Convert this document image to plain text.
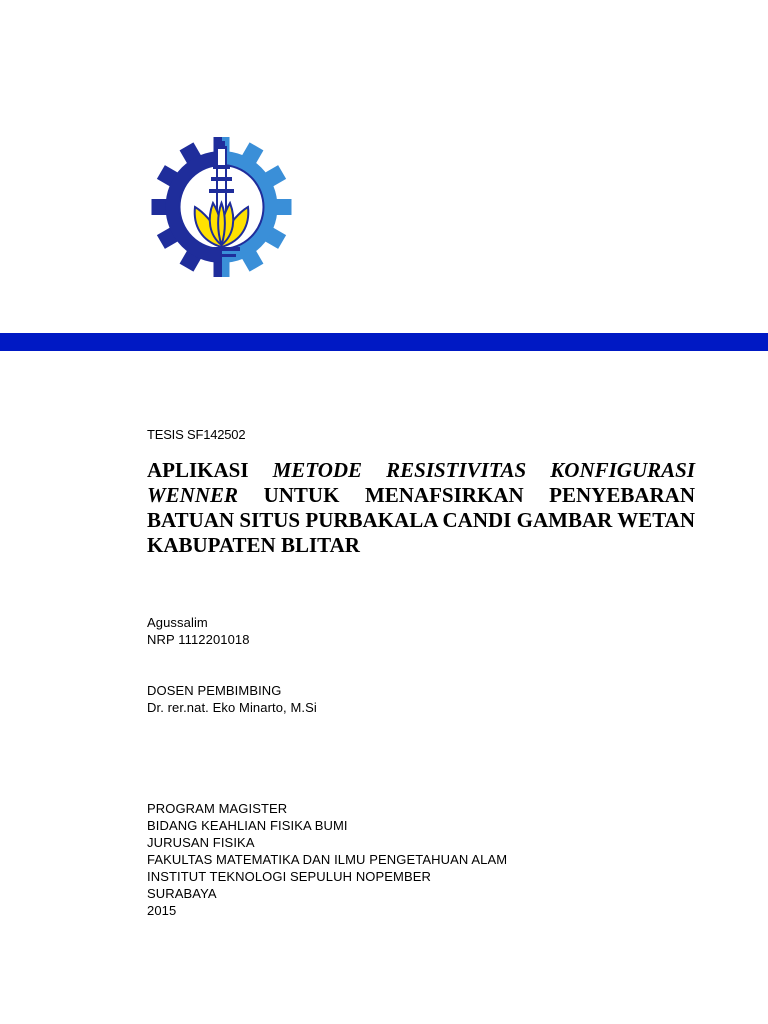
TESIS SF142502
APLIKASI METODE RESISTIVITAS KONFIGURASI WENNER UNTUK MENAFSIRKAN PENYEBARAN BATUAN SITUS PURBAKALA CANDI GAMBAR WETAN KABUPATEN BLITAR
Agussalim
NRP 1112201018
DOSEN PEMBIMBING
Dr. rer.nat. Eko Minarto, M.Si
PROGRAM MAGISTER
BIDANG KEAHLIAN FISIKA BUMI
JURUSAN FISIKA
FAKULTAS MATEMATIKA DAN ILMU PENGETAHUAN ALAM
INSTITUT TEKNOLOGI SEPULUH NOPEMBER
SURABAYA
2015
